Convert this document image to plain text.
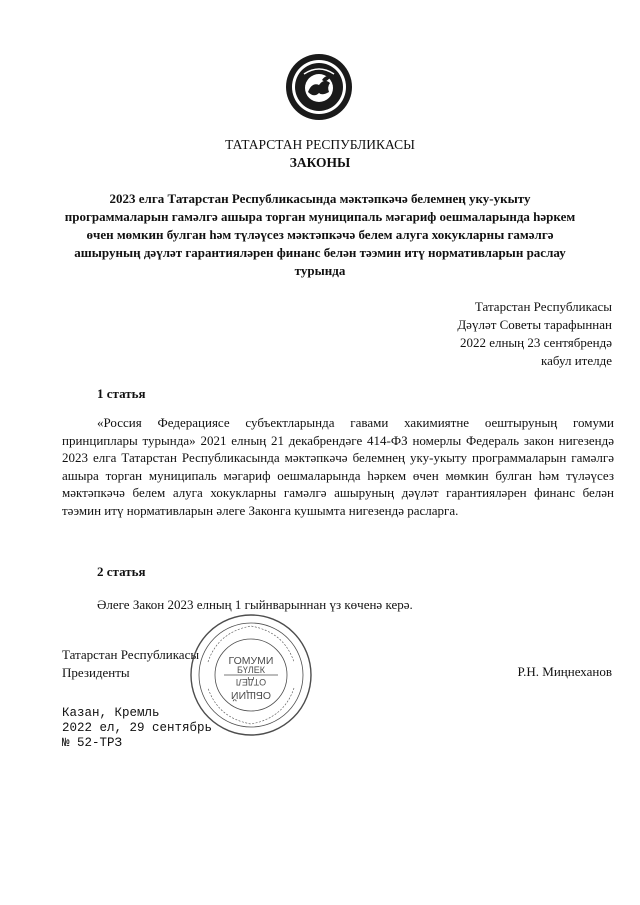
ТАТАРСТАН РЕСПУБЛИКАСЫ
ЗАКОНЫ
2023 елга Татарстан Республикасында мәктәпкәчә белемнең уку-укыту программаларын гамәлгә ашыра торган муниципаль мәгариф оешмаларында һәркем өчен мөмкин булган һәм түләүсез мәктәпкәчә белем алуга хокукларны гамәлгә ашыруның дәүләт гарантияләрен финанс белән тәэмин итү нормативларын раслау турында
Татарстан Республикасы
Дәүләт Советы тарафыннан
2022 елның 23 сентябрендә
кабул ителде
1 статья
«Россия Федерациясе субъектларында гавами хакимиятне оештыруның гомуми принциплары турында» 2021 елның 21 декабрендәге 414-ФЗ номерлы Федераль закон нигезендә 2023 елга Татарстан Республикасында мәктәпкәчә белемнең уку-укыту программаларын гамәлгә ашыра торган муниципаль мәгариф оешмаларында һәркем өчен мөмкин булган һәм түләүсез мәктәпкәчә белем алуга хокукларны гамәлгә ашыруның дәүләт гарантияләрен финанс белән тәэмин итү нормативларын әлеге Законга кушымта нигезендә расларга.
2 статья
Әлеге Закон 2023 елның 1 гыйнварыннан үз көченә керә.
Татарстан Республикасы
Президенты	Р.Н. Миңнеханов
Казан, Кремль
2022 ел, 29 сентябрь
№ 52-ТРЗ
ГОМУМИ
БҮЛЕК
ОТДЕЛ
ОБЩИЙ
